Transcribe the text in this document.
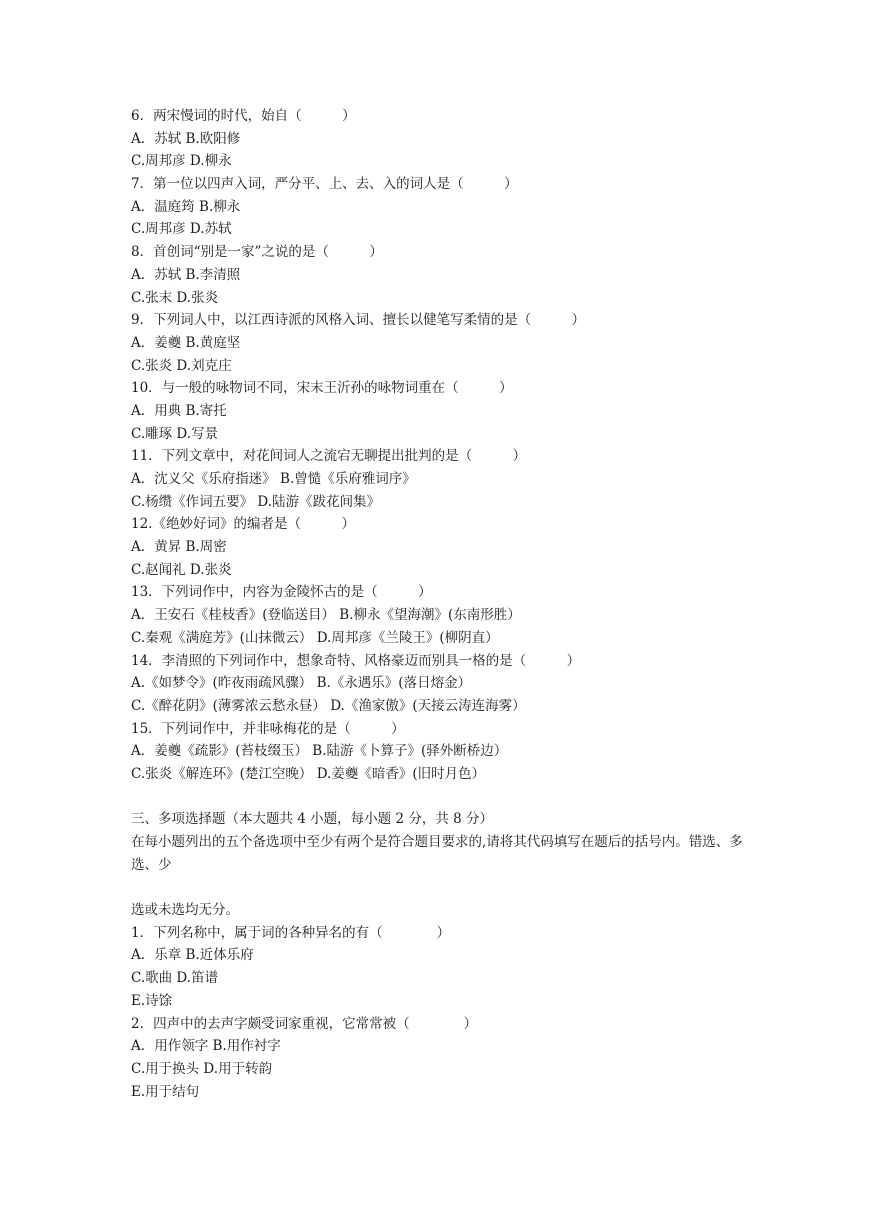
6．两宋慢词的时代，始自（　　　）
A．苏轼 B.欧阳修
C.周邦彦 D.柳永
7．第一位以四声入词，严分平、上、去、入的词人是（　　　）
A．温庭筠 B.柳永
C.周邦彦 D.苏轼
8．首创词“别是一家”之说的是（　　　）
A．苏轼 B.李清照
C.张末 D.张炎
9．下列词人中，以江西诗派的风格入词、擅长以健笔写柔情的是（　　　）
A．姜夔 B.黄庭坚
C.张炎 D.刘克庄
10．与一般的咏物词不同，宋末王沂孙的咏物词重在（　　　）
A．用典 B.寄托
C.雕琢 D.写景
11．下列文章中，对花间词人之流宕无聊提出批判的是（　　　）
A．沈义父《乐府指迷》 B.曾慥《乐府雅词序》
C.杨缵《作词五要》 D.陆游《跋花间集》
12.《绝妙好词》的编者是（　　　）
A．黄昇 B.周密
C.赵闻礼 D.张炎
13．下列词作中，内容为金陵怀古的是（　　　）
A．王安石《桂枝香》(登临送目） B.柳永《望海潮》(东南形胜）
C.秦观《满庭芳》(山抹微云） D.周邦彦《兰陵王》(柳阴直）
14．李清照的下列词作中，想象奇特、风格豪迈而别具一格的是（　　　）
A.《如梦令》(昨夜雨疏风骤） B.《永遇乐》(落日熔金）
C.《醉花阴》(薄雾浓云愁永昼） D.《渔家傲》(天接云涛连海雾）
15．下列词作中，并非咏梅花的是（　　　）
A．姜夔《疏影》(苔枝缀玉） B.陆游《卜算子》(驿外断桥边）
C.张炎《解连环》(楚江空晚） D.姜夔《暗香》(旧时月色）
三、多项选择题（本大题共 4 小题，每小题 2 分，共 8 分）
在每小题列出的五个备选项中至少有两个是符合题目要求的,请将其代码填写在题后的括号内。错选、多选、少
选或未选均无分。
1．下列名称中，属于词的各种异名的有（　　　　）
A．乐章 B.近体乐府
C.歌曲 D.笛谱
E.诗馀
2．四声中的去声字颇受词家重视，它常常被（　　　　）
A．用作领字 B.用作衬字
C.用于换头 D.用于转韵
E.用于结句
